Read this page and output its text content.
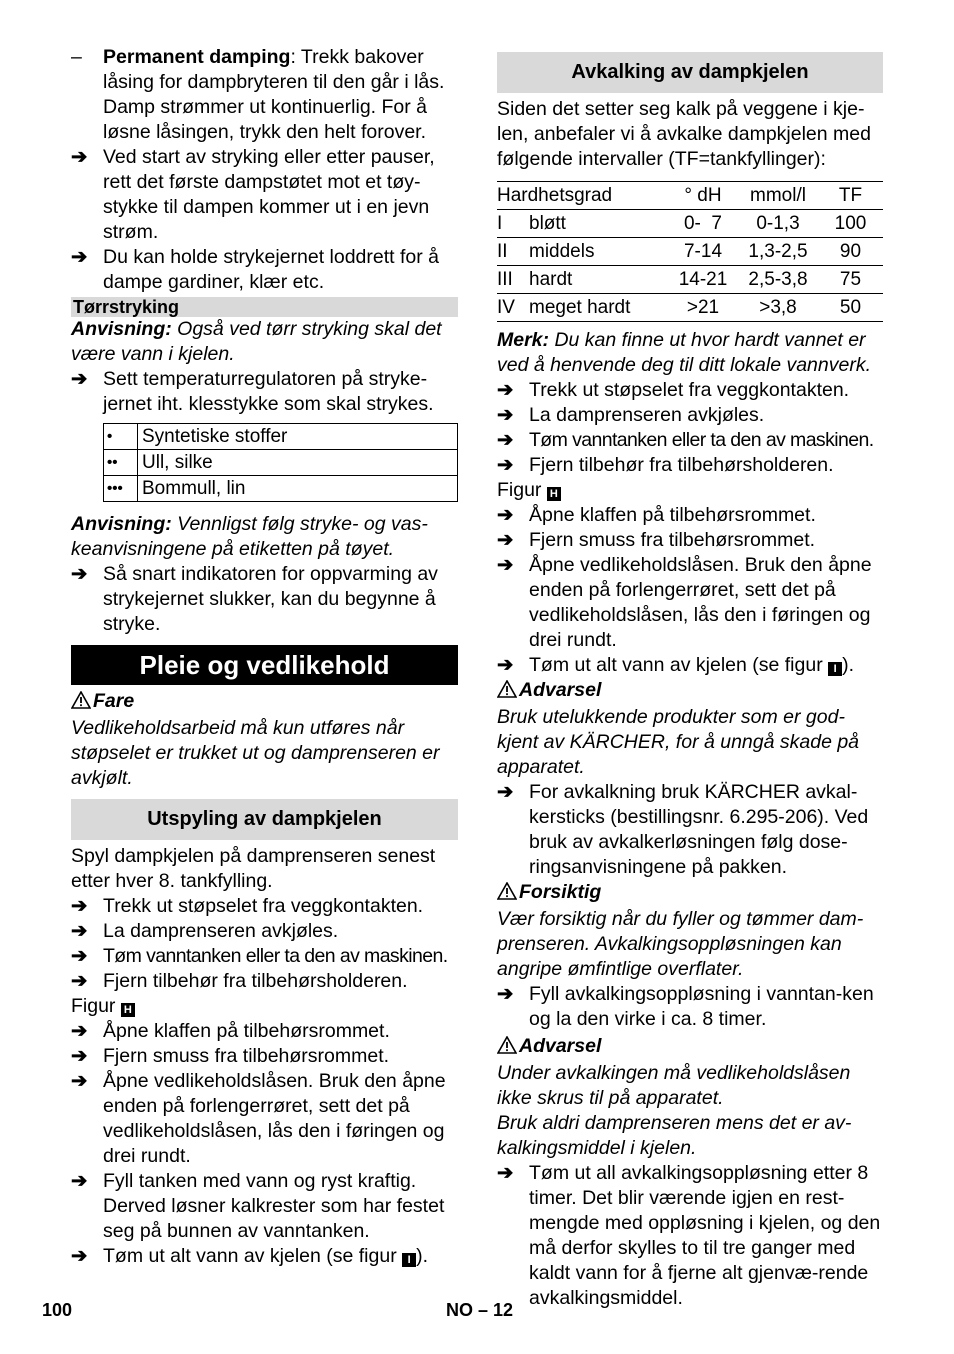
–	Permanent damping: Trekk bakover låsing for dampbryteren til den går i lås. Damp strømmer ut kontinuerlig. For å løsne låsingen, trykk den helt forover.
➔ Ved start av stryking eller etter pauser, rett det første dampstøtet mot et tøy-stykke til dampen kommer ut i en jevn strøm.
➔ Du kan holde strykejernet loddrett for å dampe gardiner, klær etc.
Tørrstryking

Anvisning: Også ved tørr stryking skal det være vann i kjelen.

➔ Sett temperaturregulatoren på stryke-jernet iht. klesstykke som skal strykes.
•	Syntetiske stoffer
••	Ull, silke
•••	Bommull, lin

Anvisning: Vennligst følg stryke- og vas-keanvisningene på etiketten på tøyet.

➔ Så snart indikatoren for oppvarming av strykejernet slukker, kan du begynne å stryke.
Pleie og vedlikehold

Fare

Vedlikeholdsarbeid må kun utføres når støpselet er trukket ut og damprenseren er avkjølt.

Utspyling av dampkjelen

Spyl dampkjelen på damprenseren senest etter hver 8. tankfylling.

➔ Trekk ut støpselet fra veggkontakten.
➔ La damprenseren avkjøles.
➔ Tøm vanntanken eller ta den av maskinen.
➔ Fjern tilbehør fra tilbehørsholderen.

Figur H

➔ Åpne klaffen på tilbehørsrommet.
➔ Fjern smuss fra tilbehørsrommet.
➔ Åpne vedlikeholdslåsen. Bruk den åpne enden på forlengerrøret, sett det på vedlikeholdslåsen, lås den i føringen og drei rundt.
➔ Fyll tanken med vann og ryst kraftig. Derved løsner kalkrester som har festet seg på bunnen av vanntanken.
➔ Tøm ut alt vann av kjelen (se figur I ).
Avkalking av dampkjelen

Siden det setter seg kalk på veggene i kje-len, anbefaler vi å avkalke dampkjelen med følgende intervaller (TF=tankfyllinger):

Hardhetsgrad		° dH	mmol/l	TF
I	bløtt	0-  7	0-1,3	100
II	middels	7-14	1,3-2,5	90
III	hardt	14-21	2,5-3,8	75
IV	meget hardt	>21	>3,8	50

Merk: Du kan finne ut hvor hardt vannet er ved å henvende deg til ditt lokale vannverk.

➔ Trekk ut støpselet fra veggkontakten.
➔ La damprenseren avkjøles.
➔ Tøm vanntanken eller ta den av maskinen.
➔ Fjern tilbehør fra tilbehørsholderen.

Figur H

➔ Åpne klaffen på tilbehørsrommet.
➔ Fjern smuss fra tilbehørsrommet.
➔ Åpne vedlikeholdslåsen. Bruk den åpne enden på forlengerrøret, sett det på vedlikeholdslåsen, lås den i føringen og drei rundt.
➔ Tøm ut alt vann av kjelen (se figur I ).

Advarsel

Bruk utelukkende produkter som er god-kjent av KÄRCHER, for å unngå skade på apparatet.

➔ For avkalkning bruk KÄRCHER avkal-kersticks (bestillingsnr. 6.295-206). Ved bruk av avkalkerløsningen følg dose-ringsanvisningene på pakken.

Forsiktig

Vær forsiktig når du fyller og tømmer dam-prenseren. Avkalkingsoppløsningen kan angripe ømfintlige overflater.

➔ Fyll avkalkingsoppløsning i vanntan-ken og la den virke i ca. 8 timer.

Advarsel

Under avkalkingen må vedlikeholdslåsen ikke skrus til på apparatet.

Bruk aldri damprenseren mens det er av-kalkingsmiddel i kjelen.

➔ Tøm ut all avkalkingsoppløsning etter 8 timer. Det blir værende igjen en rest-mengde med oppløsning i kjelen, og den må derfor skylles to til tre ganger med kaldt vann for å fjerne alt gjenvæ-rende avkalkingsmiddel.
100	NO – 12
